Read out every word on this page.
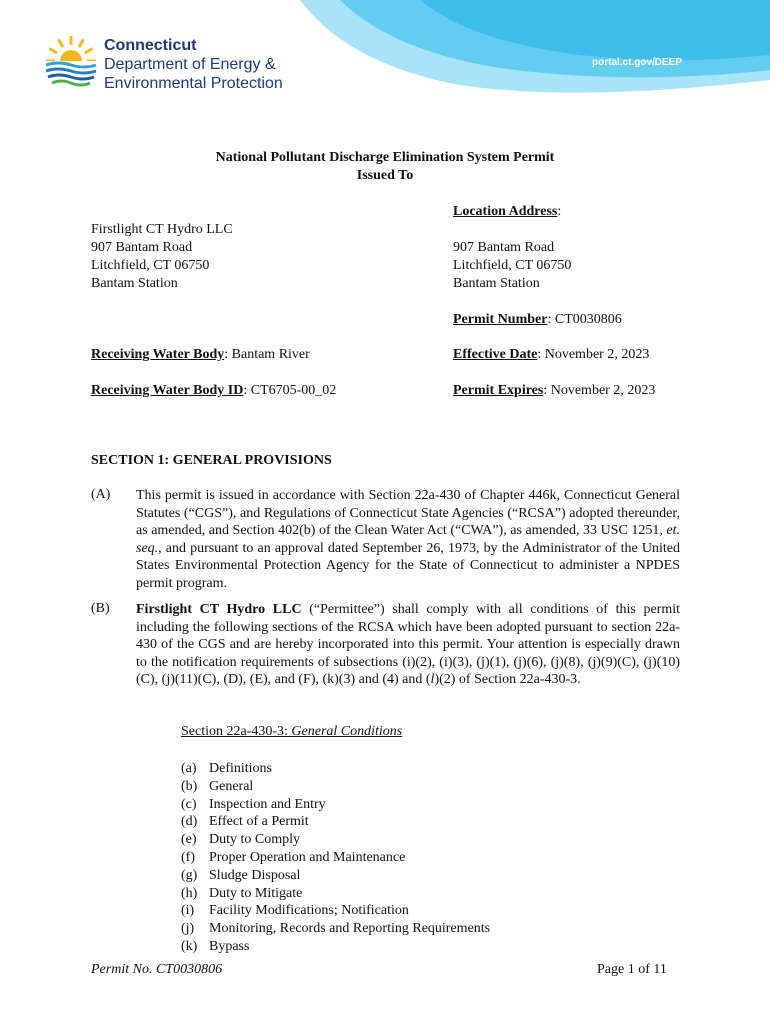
Connecticut
Department of Energy &
Environmental Protection
portal.ct.gov/DEEP
National Pollutant Discharge Elimination System Permit
Issued To
Location Address:
Firstlight CT Hydro LLC
907 Bantam Road
Litchfield, CT 06750
Bantam Station
907 Bantam Road
Litchfield, CT 06750
Bantam Station
Permit Number: CT0030806
Receiving Water Body: Bantam River	Effective Date: November 2, 2023
Receiving Water Body ID: CT6705-00_02	Permit Expires: November 2, 2023
SECTION 1: GENERAL PROVISIONS
(A) This permit is issued in accordance with Section 22a-430 of Chapter 446k, Connecticut General Statutes (“CGS”), and Regulations of Connecticut State Agencies (“RCSA”) adopted thereunder, as amended, and Section 402(b) of the Clean Water Act (“CWA”), as amended, 33 USC 1251, et. seq., and pursuant to an approval dated September 26, 1973, by the Administrator of the United States Environmental Protection Agency for the State of Connecticut to administer a NPDES permit program.
(B) Firstlight CT Hydro LLC (“Permittee”) shall comply with all conditions of this permit including the following sections of the RCSA which have been adopted pursuant to section 22a-430 of the CGS and are hereby incorporated into this permit. Your attention is especially drawn to the notification requirements of subsections (i)(2), (i)(3), (j)(1), (j)(6), (j)(8), (j)(9)(C), (j)(10)(C), (j)(11)(C), (D), (E), and (F), (k)(3) and (4) and (l)(2) of Section 22a-430-3.
Section 22a-430-3: General Conditions
(a) Definitions
(b) General
(c) Inspection and Entry
(d) Effect of a Permit
(e) Duty to Comply
(f)	Proper Operation and Maintenance
(g) Sludge Disposal
(h) Duty to Mitigate
(i)	Facility Modifications; Notification
(j)	Monitoring, Records and Reporting Requirements
(k) Bypass
Permit No. CT0030806	Page 1 of 11
